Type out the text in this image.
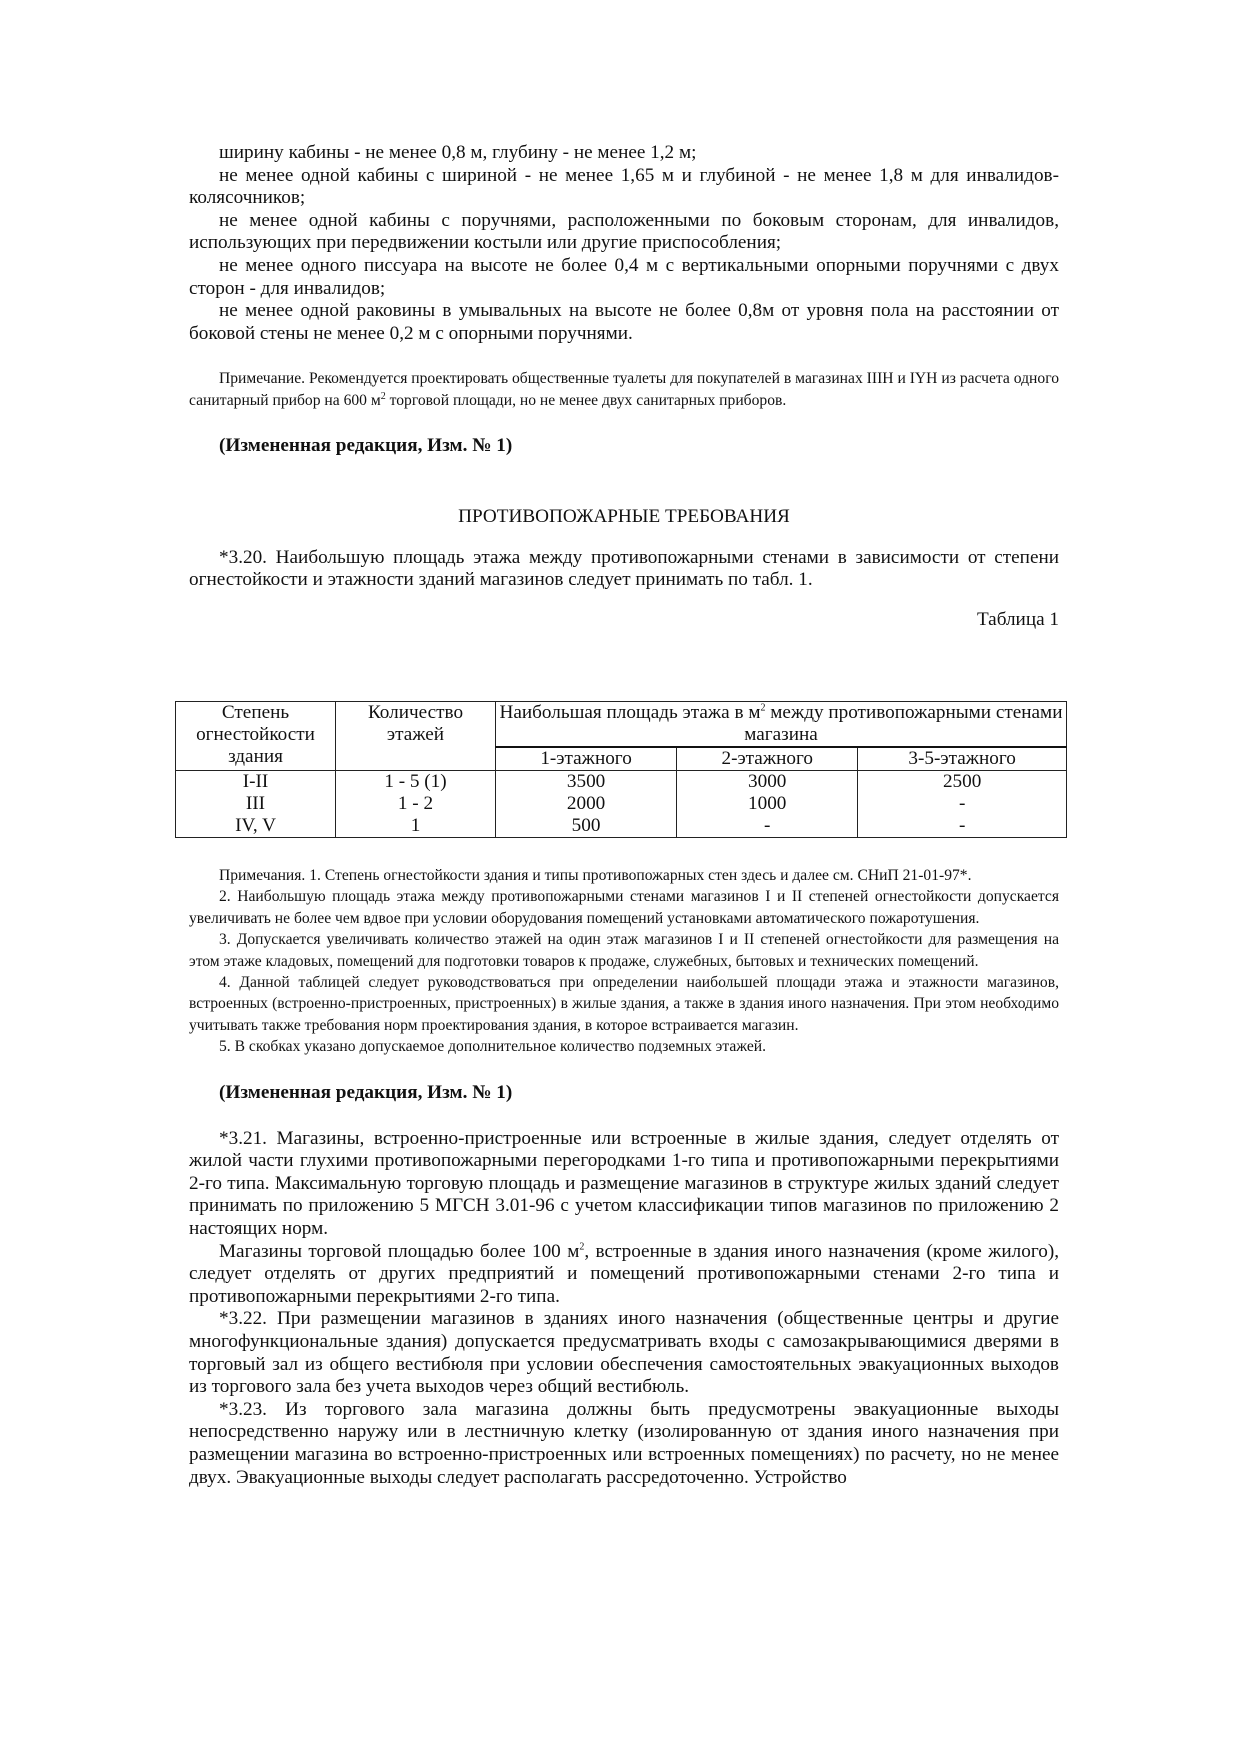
ширину кабины - не менее 0,8 м, глубину - не менее 1,2 м;

не менее одной кабины с шириной - не менее 1,65 м и глубиной - не менее 1,8 м для инвалидов-колясочников;

не менее одной кабины с поручнями, расположенными по боковым сторонам, для инвалидов, использующих при передвижении костыли или другие приспособления;

не менее одного писсуара на высоте не более 0,4 м с вертикальными опорными поручнями с двух сторон - для инвалидов;

не менее одной раковины в умывальных на высоте не более 0,8м от уровня пола на расстоянии от боковой стены не менее 0,2 м с опорными поручнями.

Примечание. Рекомендуется проектировать общественные туалеты для покупателей в магазинах IIIН и IYН из расчета одного санитарный прибор на 600 $м^2$ торговой площади, но не менее двух санитарных приборов.

(Измененная редакция, Изм. № 1)

ПРОТИВОПОЖАРНЫЕ ТРЕБОВАНИЯ

*3.20. Наибольшую площадь этажа между противопожарными стенами в зависимости от степени огнестойкости и этажности зданий магазинов следует принимать по табл. 1.

Таблица 1

Степень огнестойкости здания	Количество этажей	Наибольшая площадь этажа в $м^2$ между противопожарными стенами магазина		
		1-этажного	2-этажного	3-5-этажного
I-II	1 - 5 (1)	3500	3000	2500
III	1 - 2	2000	1000	-
IV, V	1	500	-	-

Примечания. 1. Степень огнестойкости здания и типы противопожарных стен здесь и далее см. СНиП 21-01-97*.

2. Наибольшую площадь этажа между противопожарными стенами магазинов I и II степеней огнестойкости допускается увеличивать не более чем вдвое при условии оборудования помещений установками автоматического пожаротушения.

3. Допускается увеличивать количество этажей на один этаж магазинов I и II степеней огнестойкости для размещения на этом этаже кладовых, помещений для подготовки товаров к продаже, служебных, бытовых и технических помещений.

4. Данной таблицей следует руководствоваться при определении наибольшей площади этажа и этажности магазинов, встроенных (встроенно-пристроенных, пристроенных) в жилые здания, а также в здания иного назначения. При этом необходимо учитывать также требования норм проектирования здания, в которое встраивается магазин.

5. В скобках указано допускаемое дополнительное количество подземных этажей.

(Измененная редакция, Изм. № 1)

*3.21. Магазины, встроенно-пристроенные или встроенные в жилые здания, следует отделять от жилой части глухими противопожарными перегородками 1-го типа и противопожарными перекрытиями 2-го типа. Максимальную торговую площадь и размещение магазинов в структуре жилых зданий следует принимать по приложению 5 МГСН 3.01-96 с учетом классификации типов магазинов по приложению 2 настоящих норм.

Магазины торговой площадью более 100 $м^2$, встроенные в здания иного назначения (кроме жилого), следует отделять от других предприятий и помещений противопожарными стенами 2-го типа и противопожарными перекрытиями 2-го типа.

*3.22. При размещении магазинов в зданиях иного назначения (общественные центры и другие многофункциональные здания) допускается предусматривать входы с самозакрывающимися дверями в торговый зал из общего вестибюля при условии обеспечения самостоятельных эвакуационных выходов из торгового зала без учета выходов через общий вестибюль.

*3.23. Из торгового зала магазина должны быть предусмотрены эвакуационные выходы непосредственно наружу или в лестничную клетку (изолированную от здания иного назначения при размещении магазина во встроенно-пристроенных или встроенных помещениях) по расчету, но не менее двух. Эвакуационные выходы следует располагать рассредоточенно. Устройство
